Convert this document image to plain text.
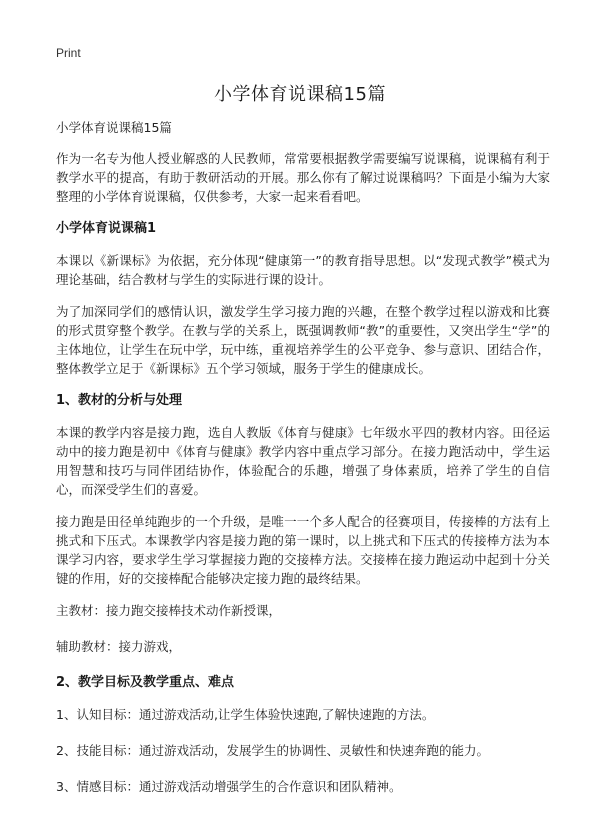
Print
小学体育说课稿15篇
小学体育说课稿15篇

作为一名专为他人授业解惑的人民教师，常常要根据教学需要编写说课稿，说课稿有利于教学水平的提高，有助于教研活动的开展。那么你有了解过说课稿吗？下面是小编为大家整理的小学体育说课稿，仅供参考，大家一起来看看吧。

小学体育说课稿1

本课以《新课标》为依据，充分体现“健康第一”的教育指导思想。以“发现式教学”模式为理论基础，结合教材与学生的实际进行课的设计。

为了加深同学们的感情认识，激发学生学习接力跑的兴趣，在整个教学过程以游戏和比赛的形式贯穿整个教学。在教与学的关系上，既强调教师“教”的重要性，又突出学生“学”的主体地位，让学生在玩中学，玩中练，重视培养学生的公平竞争、参与意识、团结合作，整体教学立足于《新课标》五个学习领域，服务于学生的健康成长。

1、教材的分析与处理

本课的教学内容是接力跑，选自人教版《体育与健康》七年级水平四的教材内容。田径运动中的接力跑是初中《体育与健康》教学内容中重点学习部分。在接力跑活动中，学生运用智慧和技巧与同伴团结协作，体验配合的乐趣，增强了身体素质，培养了学生的自信心，而深受学生们的喜爱。

接力跑是田径单纯跑步的一个升级，是唯一一个多人配合的径赛项目，传接棒的方法有上挑式和下压式。本课教学内容是接力跑的第一课时，以上挑式和下压式的传接棒方法为本课学习内容，要求学生学习掌握接力跑的交接棒方法。交接棒在接力跑运动中起到十分关键的作用，好的交接棒配合能够决定接力跑的最终结果。

主教材：接力跑交接棒技术动作新授课，

辅助教材：接力游戏，

2、教学目标及教学重点、难点

1、认知目标：通过游戏活动,让学生体验快速跑,了解快速跑的方法。

2、技能目标：通过游戏活动，发展学生的协调性、灵敏性和快速奔跑的能力。

3、情感目标：通过游戏活动增强学生的合作意识和团队精神。
